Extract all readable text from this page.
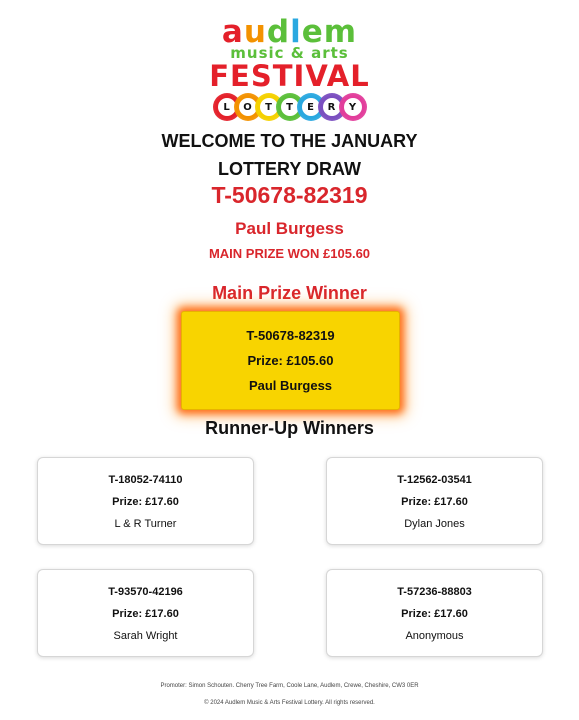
audlem
music & arts
FESTIVAL
L O T T E R Y
WELCOME TO THE JANUARY
LOTTERY DRAW
T-50678-82319
Paul Burgess
MAIN PRIZE WON £105.60
Main Prize Winner
T-50678-82319
Prize: £105.60
Paul Burgess
Runner-Up Winners
T-18052-74110
Prize: £17.60
L & R Turner
T-12562-03541
Prize: £17.60
Dylan Jones
T-93570-42196
Prize: £17.60
Sarah Wright
T-57236-88803
Prize: £17.60
Anonymous
Promoter: Simon Schouten. Cherry Tree Farm, Coole Lane, Audlem, Crewe, Cheshire, CW3 0ER
© 2024 Audlem Music & Arts Festival Lottery. All rights reserved.
